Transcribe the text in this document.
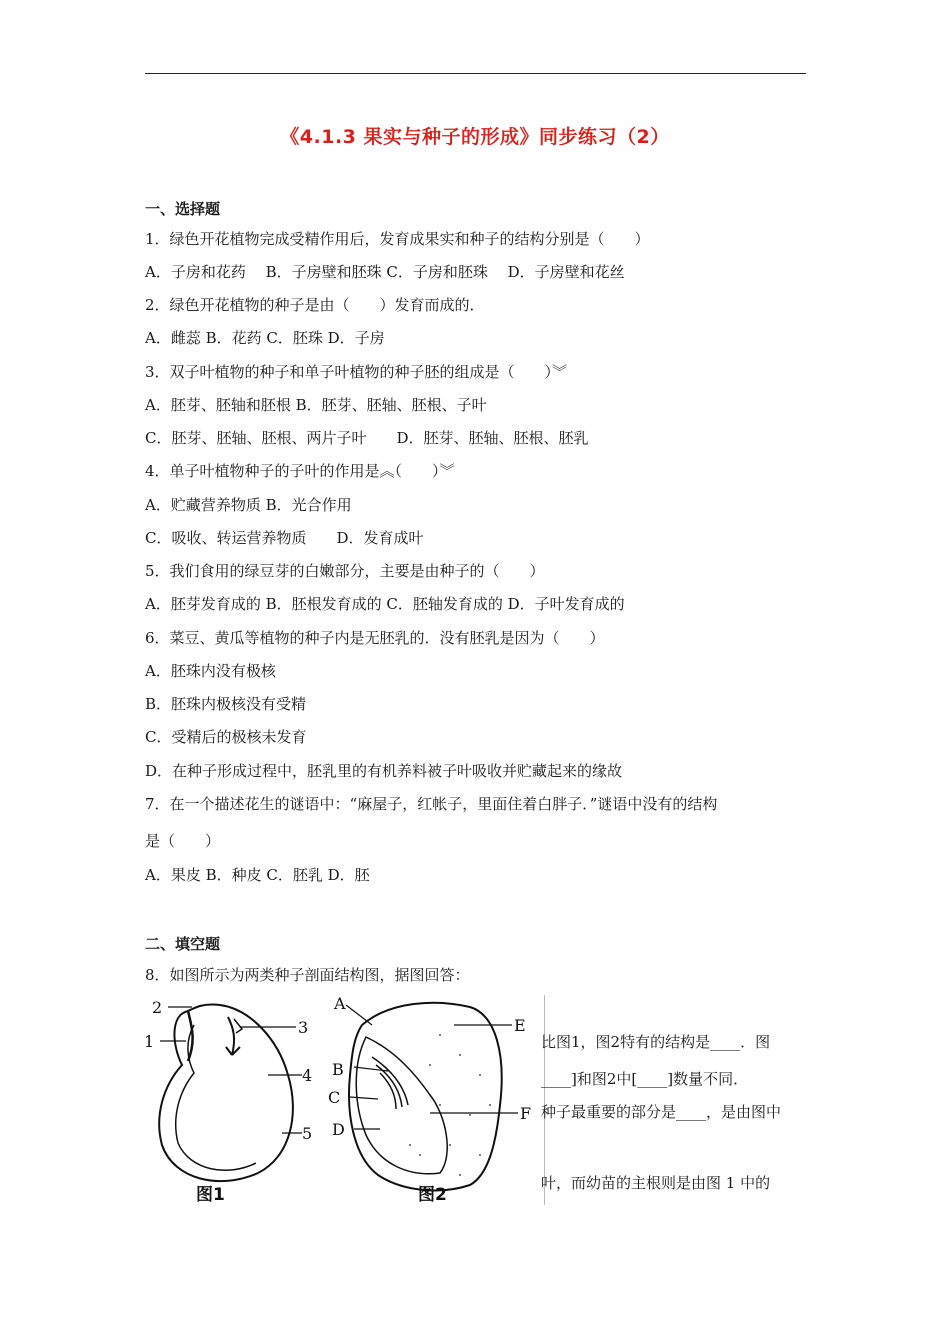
《4.1.3 果实与种子的形成》同步练习（2）
一、选择题
1．绿色开花植物完成受精作用后，发育成果实和种子的结构分别是（　　）
A．子房和花药　 B．子房壁和胚珠 C．子房和胚珠　 D．子房壁和花丝
2．绿色开花植物的种子是由（　　）发育而成的．
A．雌蕊 B．花药 C．胚珠 D．子房
3．双子叶植物的种子和单子叶植物的种子胚的组成是（　　）︾
A．胚芽、胚轴和胚根 B．胚芽、胚轴、胚根、子叶
C．胚芽、胚轴、胚根、两片子叶　　D．胚芽、胚轴、胚根、胚乳
4．单子叶植物种子的子叶的作用是︽（　　）︾
A．贮藏营养物质 B．光合作用
C．吸收、转运营养物质　　D．发育成叶
5．我们食用的绿豆芽的白嫩部分，主要是由种子的（　　）
A．胚芽发育成的 B．胚根发育成的 C．胚轴发育成的 D．子叶发育成的
6．菜豆、黄瓜等植物的种子内是无胚乳的．没有胚乳是因为（　　）
A．胚珠内没有极核
B．胚珠内极核没有受精
C．受精后的极核未发育
D．在种子形成过程中，胚乳里的有机养料被子叶吸收并贮藏起来的缘故
7．在一个描述花生的谜语中：“麻屋子，红帐子，里面住着白胖子．”谜语中没有的结构
是（　　）
A．果皮 B．种皮 C．胚乳 D．胚
二、填空题
8．如图所示为两类种子剖面结构图，据图回答：
2
1
3
4
5
A
B
C
D
E
F
图1	图2
比图1，图2特有的结构是____．图
____]和图2中[____]数量不同．
种子最重要的部分是____，是由图中
叶，而幼苗的主根则是由图 1 中的
